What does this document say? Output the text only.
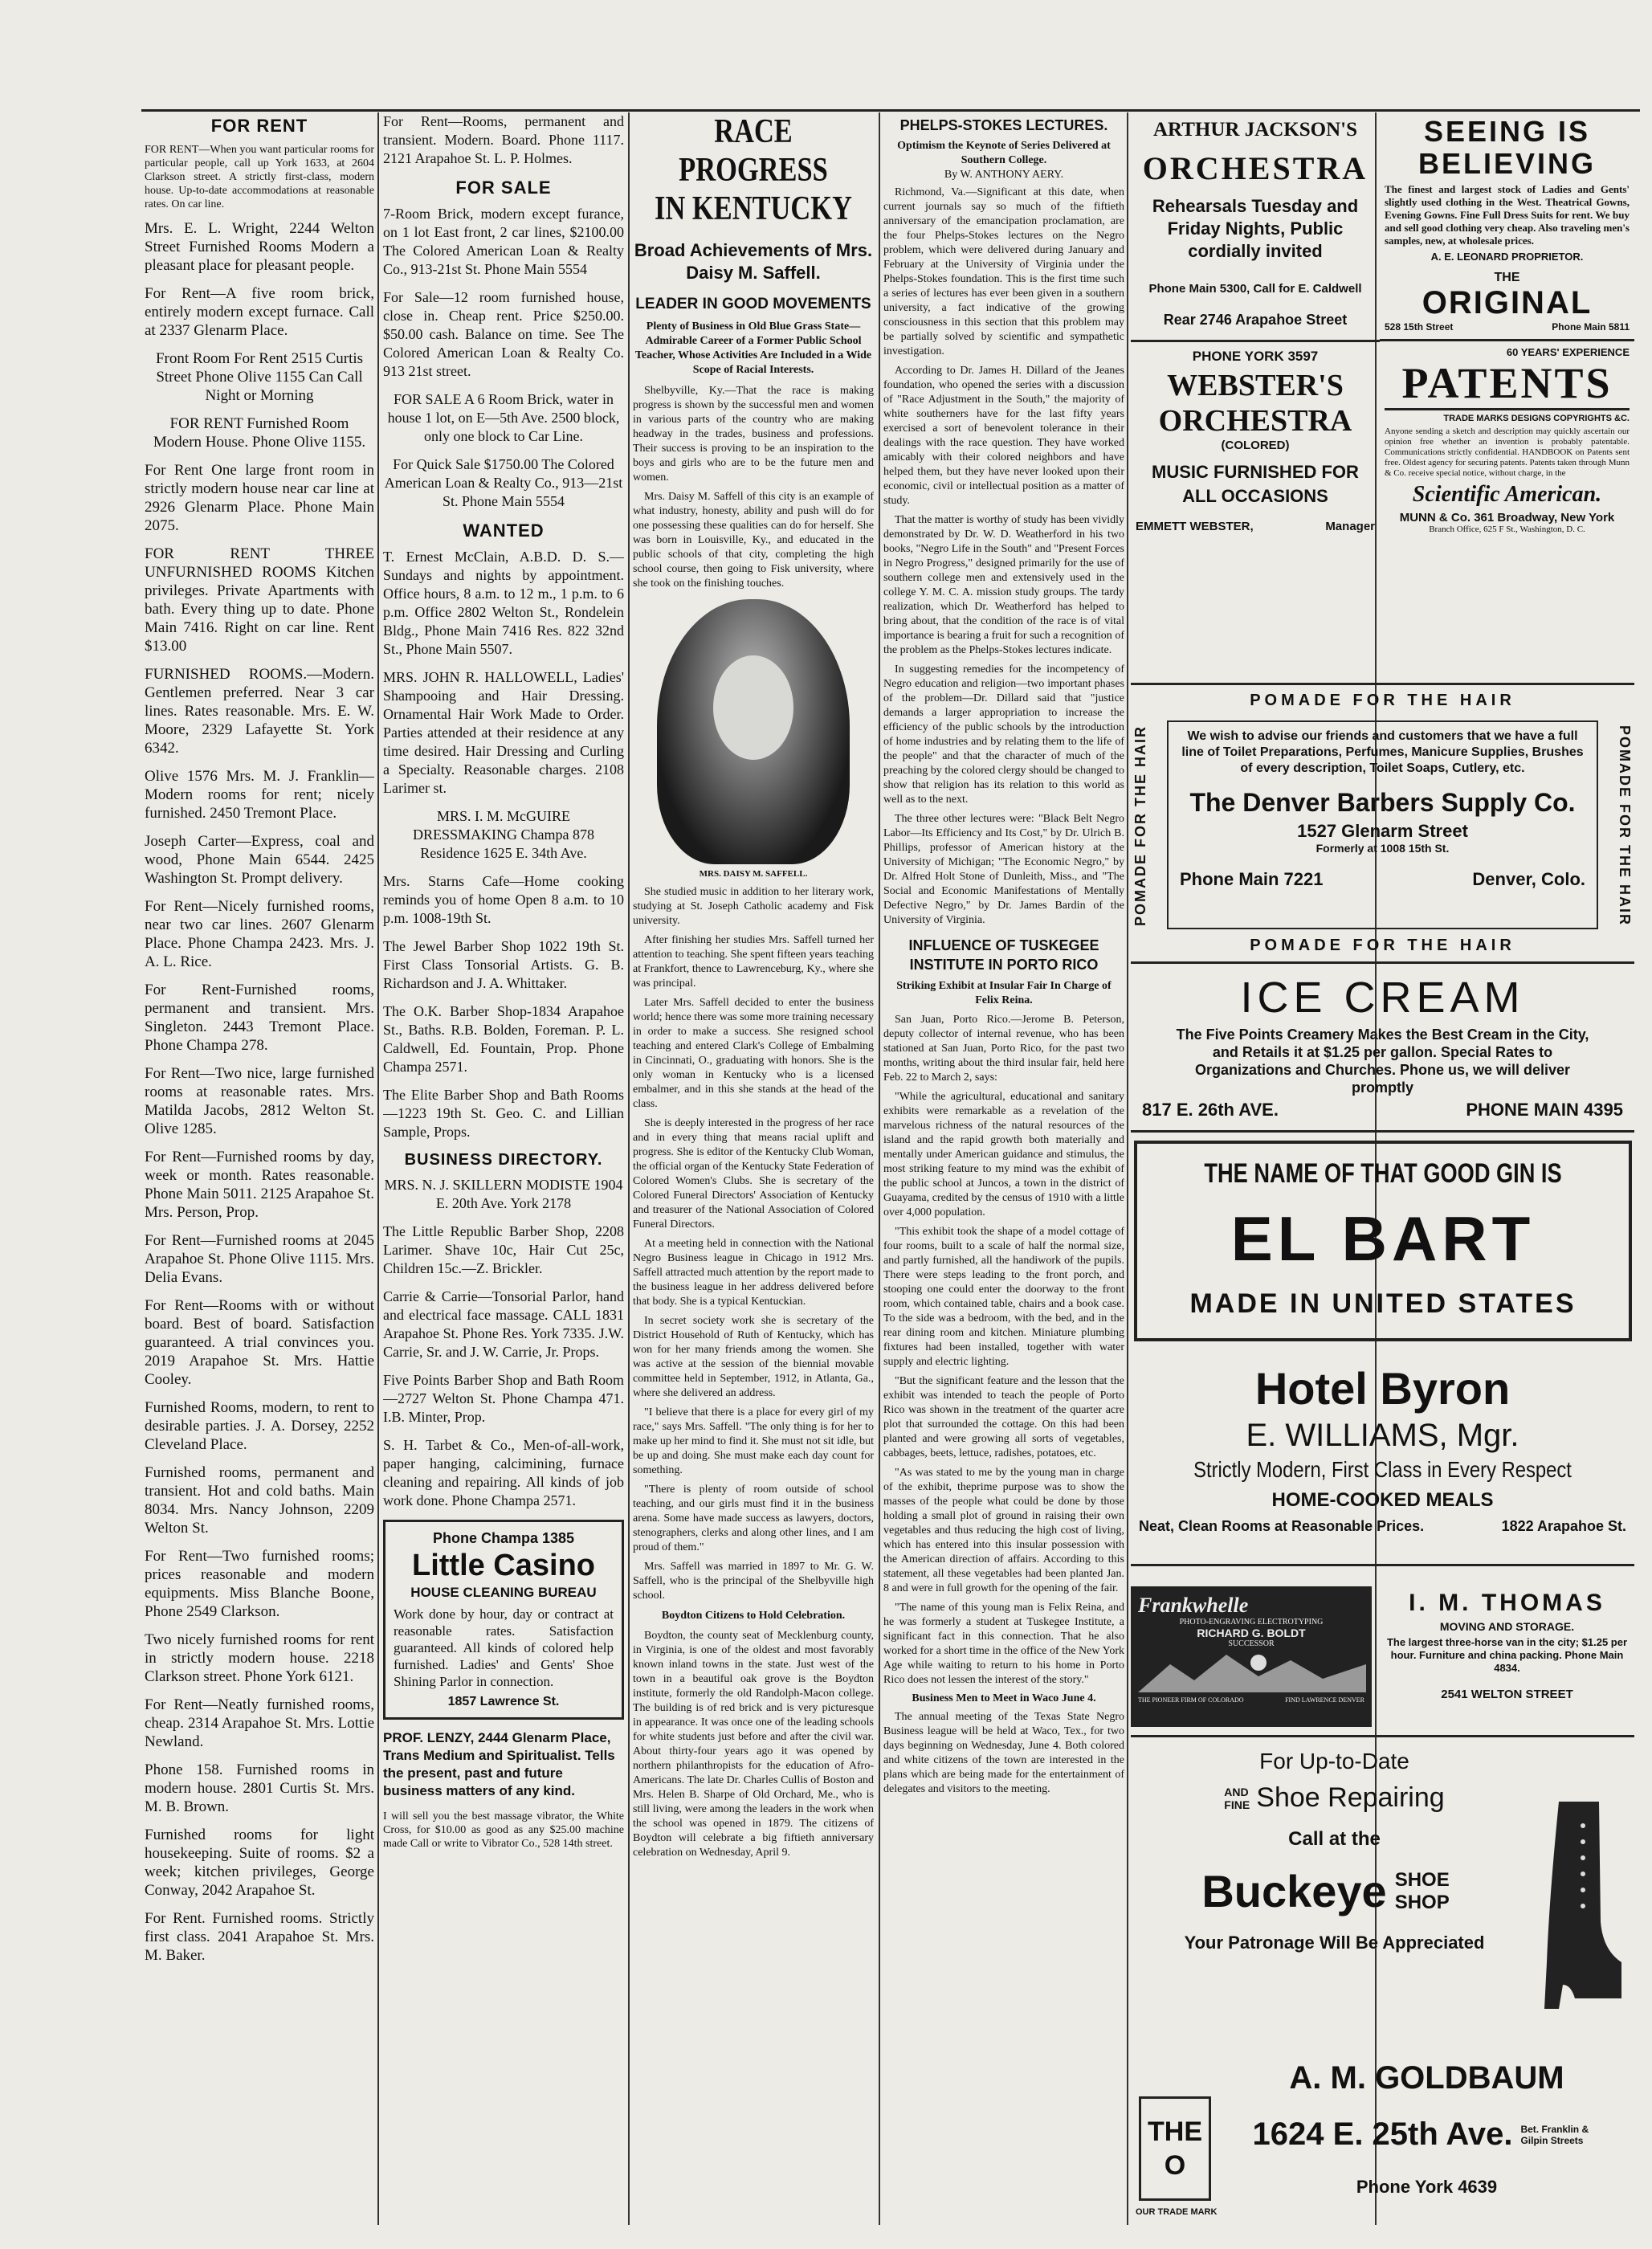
FOR RENT

FOR RENT—When you want particular rooms for particular people, call up York 1633, at 2604 Clarkson street. A strictly first-class, modern house. Up-to-date accommodations at reasonable rates. On car line.

Mrs. E. L. Wright, 2244 Welton Street Furnished Rooms Modern a pleasant place for pleasant people.

For Rent—A five room brick, entirely modern except furnace. Call at 2337 Glenarm Place.

Front Room For Rent 2515 Curtis Street Phone Olive 1155 Can Call Night or Morning

FOR RENT Furnished Room Modern House. Phone Olive 1155.

For Rent One large front room in strictly modern house near car line at 2926 Glenarm Place. Phone Main 2075.

FOR RENT THREE UNFURNISHED ROOMS Kitchen privileges. Private Apartments with bath. Every thing up to date. Phone Main 7416. Right on car line. Rent $13.00

FURNISHED ROOMS.—Modern. Gentlemen preferred. Near 3 car lines. Rates reasonable. Mrs. E. W. Moore, 2329 Lafayette St. York 6342.

Olive 1576 Mrs. M. J. Franklin—Modern rooms for rent; nicely furnished. 2450 Tremont Place.

Joseph Carter—Express, coal and wood, Phone Main 6544. 2425 Washington St. Prompt delivery.

For Rent—Nicely furnished rooms, near two car lines. 2607 Glenarm Place. Phone Champa 2423. Mrs. J. A. L. Rice.

For Rent-Furnished rooms, permanent and transient. Mrs. Singleton. 2443 Tremont Place. Phone Champa 278.

For Rent—Two nice, large furnished rooms at reasonable rates. Mrs. Matilda Jacobs, 2812 Welton St. Olive 1285.

For Rent—Furnished rooms by day, week or month. Rates reasonable. Phone Main 5011. 2125 Arapahoe St. Mrs. Person, Prop.

For Rent—Furnished rooms at 2045 Arapahoe St. Phone Olive 1115. Mrs. Delia Evans.

For Rent—Rooms with or without board. Best of board. Satisfaction guaranteed. A trial convinces you. 2019 Arapahoe St. Mrs. Hattie Cooley.

Furnished Rooms, modern, to rent to desirable parties. J. A. Dorsey, 2252 Cleveland Place.

Furnished rooms, permanent and transient. Hot and cold baths. Main 8034. Mrs. Nancy Johnson, 2209 Welton St.

For Rent—Two furnished rooms; prices reasonable and modern equipments. Miss Blanche Boone, Phone 2549 Clarkson.

Two nicely furnished rooms for rent in strictly modern house. 2218 Clarkson street. Phone York 6121.

For Rent—Neatly furnished rooms, cheap. 2314 Arapahoe St. Mrs. Lottie Newland.

Phone 158. Furnished rooms in modern house. 2801 Curtis St. Mrs. M. B. Brown.

Furnished rooms for light housekeeping. Suite of rooms. $2 a week; kitchen privileges, George Conway, 2042 Arapahoe St.

For Rent. Furnished rooms. Strictly first class. 2041 Arapahoe St. Mrs. M. Baker.

For Rent—Rooms, permanent and transient. Modern. Board. Phone 1117. 2121 Arapahoe St. L. P. Holmes.

FOR SALE

7-Room Brick, modern except furance, on 1 lot East front, 2 car lines, $2100.00 The Colored American Loan & Realty Co., 913-21st St. Phone Main 5554

For Sale—12 room furnished house, close in. Cheap rent. Price $250.00. $50.00 cash. Balance on time. See The Colored American Loan & Realty Co. 913 21st street.

FOR SALE A 6 Room Brick, water in house 1 lot, on E—5th Ave. 2500 block, only one block to Car Line.

For Quick Sale $1750.00 The Colored American Loan & Realty Co., 913—21st St. Phone Main 5554

WANTED

T. Ernest McClain, A.B.D. D. S.—Sundays and nights by appointment. Office hours, 8 a.m. to 12 m., 1 p.m. to 6 p.m. Office 2802 Welton St., Rondelein Bldg., Phone Main 7416 Res. 822 32nd St., Phone Main 5507.

MRS. JOHN R. HALLOWELL, Ladies' Shampooing and Hair Dressing. Ornamental Hair Work Made to Order. Parties attended at their residence at any time desired. Hair Dressing and Curling a Specialty. Reasonable charges. 2108 Larimer st.

MRS. I. M. McGUIRE DRESSMAKING Champa 878 Residence 1625 E. 34th Ave.

Mrs. Starns Cafe—Home cooking reminds you of home Open 8 a.m. to 10 p.m. 1008-19th St.

The Jewel Barber Shop 1022 19th St. First Class Tonsorial Artists. G. B. Richardson and J. A. Whittaker.

The O.K. Barber Shop-1834 Arapahoe St., Baths. R.B. Bolden, Foreman. P. L. Caldwell, Ed. Fountain, Prop. Phone Champa 2571.

The Elite Barber Shop and Bath Rooms—1223 19th St. Geo. C. and Lillian Sample, Props.

BUSINESS DIRECTORY.

MRS. N. J. SKILLERN MODISTE 1904 E. 20th Ave. York 2178

The Little Republic Barber Shop, 2208 Larimer. Shave 10c, Hair Cut 25c, Children 15c.—Z. Brickler.

Carrie & Carrie—Tonsorial Parlor, hand and electrical face massage. CALL 1831 Arapahoe St. Phone Res. York 7335. J.W. Carrie, Sr. and J. W. Carrie, Jr. Props.

Five Points Barber Shop and Bath Room—2727 Welton St. Phone Champa 471. I.B. Minter, Prop.

S. H. Tarbet & Co., Men-of-all-work, paper hanging, calcimining, furnace cleaning and repairing. All kinds of job work done. Phone Champa 2571.

Phone Champa 1385
Little Casino
HOUSE CLEANING BUREAU

Work done by hour, day or contract at reasonable rates. Satisfaction guaranteed. All kinds of colored help furnished. Ladies' and Gents' Shoe Shining Parlor in connection.

1857 Lawrence St.

PROF. LENZY, 2444 Glenarm Place, Trans Medium and Spiritualist. Tells the present, past and future business matters of any kind.

I will sell you the best massage vibrator, the White Cross, for $10.00 as good as any $25.00 machine made Call or write to Vibrator Co., 528 14th street.

RACE PROGRESS
IN KENTUCKY
Broad Achievements of Mrs. Daisy M. Saffell.
LEADER IN GOOD MOVEMENTS

Plenty of Business in Old Blue Grass State—Admirable Career of a Former Public School Teacher, Whose Activities Are Included in a Wide Scope of Racial Interests.

Shelbyville, Ky.—That the race is making progress is shown by the successful men and women in various parts of the country who are making headway in the trades, business and professions. Their success is proving to be an inspiration to the boys and girls who are to be the future men and women.

Mrs. Daisy M. Saffell of this city is an example of what industry, honesty, ability and push will do for one possessing these qualities can do for herself. She was born in Louisville, Ky., and educated in the public schools of that city, completing the high school course, then going to Fisk university, where she took on the finishing touches.

MRS. DAISY M. SAFFELL.

She studied music in addition to her literary work, studying at St. Joseph Catholic academy and Fisk university.

After finishing her studies Mrs. Saffell turned her attention to teaching. She spent fifteen years teaching at Frankfort, thence to Lawrenceburg, Ky., where she was principal.

Later Mrs. Saffell decided to enter the business world; hence there was some more training necessary in order to make a success. She resigned school teaching and entered Clark's College of Embalming in Cincinnati, O., graduating with honors. She is the only woman in Kentucky who is a licensed embalmer, and in this she stands at the head of the class.

She is deeply interested in the progress of her race and in every thing that means racial uplift and progress. She is editor of the Kentucky Club Woman, the official organ of the Kentucky State Federation of Colored Women's Clubs. She is secretary of the Colored Funeral Directors' Association of Kentucky and treasurer of the National Association of Colored Funeral Directors.

At a meeting held in connection with the National Negro Business league in Chicago in 1912 Mrs. Saffell attracted much attention by the report made to the business league in her address delivered before that body. She is a typical Kentuckian.

In secret society work she is secretary of the District Household of Ruth of Kentucky, which has won for her many friends among the women. She was active at the session of the biennial movable committee held in September, 1912, in Atlanta, Ga., where she delivered an address.

"I believe that there is a place for every girl of my race," says Mrs. Saffell. "The only thing is for her to make up her mind to find it. She must not sit idle, but be up and doing. She must make each day count for something.

"There is plenty of room outside of school teaching, and our girls must find it in the business arena. Some have made success as lawyers, doctors, stenographers, clerks and along other lines, and I am proud of them."

Mrs. Saffell was married in 1897 to Mr. G. W. Saffell, who is the principal of the Shelbyville high school.

Boydton Citizens to Hold Celebration.

Boydton, the county seat of Mecklenburg county, in Virginia, is one of the oldest and most favorably known inland towns in the state. Just west of the town in a beautiful oak grove is the Boydton institute, formerly the old Randolph-Macon college. The building is of red brick and is very picturesque in appearance. It was once one of the leading schools for white students just before and after the civil war. About thirty-four years ago it was opened by northern philanthropists for the education of Afro-Americans. The late Dr. Charles Cullis of Boston and Mrs. Helen B. Sharpe of Old Orchard, Me., who is still living, were among the leaders in the work when the school was opened in 1879. The citizens of Boydton will celebrate a big fiftieth anniversary celebration on Wednesday, April 9.

PHELPS-STOKES LECTURES.

Optimism the Keynote of Series Delivered at Southern College.

By W. ANTHONY AERY.

Richmond, Va.—Significant at this date, when current journals say so much of the fiftieth anniversary of the emancipation proclamation, are the four Phelps-Stokes lectures on the Negro problem, which were delivered during January and February at the University of Virginia under the Phelps-Stokes foundation. This is the first time such a series of lectures has ever been given in a southern university, a fact indicative of the growing consciousness in this section that this problem may be partially solved by scientific and sympathetic investigation.

According to Dr. James H. Dillard of the Jeanes foundation, who opened the series with a discussion of "Race Adjustment in the South," the majority of white southerners have for the last fifty years exercised a sort of benevolent tolerance in their dealings with the race question. They have worked amicably with their colored neighbors and have helped them, but they have never looked upon their economic, civil or intellectual position as a matter of study.

That the matter is worthy of study has been vividly demonstrated by Dr. W. D. Weatherford in his two books, "Negro Life in the South" and "Present Forces in Negro Progress," designed primarily for the use of southern college men and extensively used in the college Y. M. C. A. mission study groups. The tardy realization, which Dr. Weatherford has helped to bring about, that the condition of the race is of vital importance is bearing a fruit for such a recognition of the problem as the Phelps-Stokes lectures indicate.

In suggesting remedies for the incompetency of Negro education and religion—two important phases of the problem—Dr. Dillard said that "justice demands a larger appropriation to increase the efficiency of the public schools by the introduction of home industries and by relating them to the life of the people" and that the character of much of the preaching by the colored clergy should be changed to show that religion has its relation to this world as well as to the next.

The three other lectures were: "Black Belt Negro Labor—Its Efficiency and Its Cost," by Dr. Ulrich B. Phillips, professor of American history at the University of Michigan; "The Economic Negro," by Dr. Alfred Holt Stone of Dunleith, Miss., and "The Social and Economic Manifestations of Mentally Defective Negro," by Dr. James Bardin of the University of Virginia.

INFLUENCE OF TUSKEGEE INSTITUTE IN PORTO RICO

Striking Exhibit at Insular Fair In Charge of Felix Reina.

San Juan, Porto Rico.—Jerome B. Peterson, deputy collector of internal revenue, who has been stationed at San Juan, Porto Rico, for the past two months, writing about the third insular fair, held here Feb. 22 to March 2, says:

"While the agricultural, educational and sanitary exhibits were remarkable as a revelation of the marvelous richness of the natural resources of the island and the rapid growth both materially and mentally under American guidance and stimulus, the most striking feature to my mind was the exhibit of the public school at Juncos, a town in the district of Guayama, credited by the census of 1910 with a little over 4,000 population.

"This exhibit took the shape of a model cottage of four rooms, built to a scale of half the normal size, and partly furnished, all the handiwork of the pupils. There were steps leading to the front porch, and stooping one could enter the doorway to the front room, which contained table, chairs and a book case. To the side was a bedroom, with the bed, and in the rear dining room and kitchen. Miniature plumbing fixtures had been installed, together with water supply and electric lighting.

"But the significant feature and the lesson that the exhibit was intended to teach the people of Porto Rico was shown in the treatment of the quarter acre plot that surrounded the cottage. On this had been planted and were growing all sorts of vegetables, cabbages, beets, lettuce, radishes, potatoes, etc.

"As was stated to me by the young man in charge of the exhibit, theprime purpose was to show the masses of the people what could be done by those holding a small plot of ground in raising their own vegetables and thus reducing the high cost of living, which has entered into this insular possession with the American direction of affairs. According to this statement, all these vegetables had been planted Jan. 8 and were in full growth for the opening of the fair.

"The name of this young man is Felix Reina, and he was formerly a student at Tuskegee Institute, a significant fact in this connection. That he also worked for a short time in the office of the New York Age while waiting to return to his home in Porto Rico does not lessen the interest of the story."

Business Men to Meet in Waco June 4.

The annual meeting of the Texas State Negro Business league will be held at Waco, Tex., for two days beginning on Wednesday, June 4. Both colored and white citizens of the town are interested in the plans which are being made for the entertainment of delegates and visitors to the meeting.

ARTHUR JACKSON'S
ORCHESTRA
Rehearsals Tuesday and Friday Nights, Public cordially invited
Phone Main 5300, Call for E. Caldwell
Rear 2746 Arapahoe Street
PHONE YORK 3597
WEBSTER'S
ORCHESTRA
(COLORED)
MUSIC FURNISHED FOR ALL OCCASIONS
EMMETT WEBSTER,	Manager
SEEING IS
BELIEVING

The finest and largest stock of Ladies and Gents' slightly used clothing in the West. Theatrical Gowns, Evening Gowns. Fine Full Dress Suits for rent. We buy and sell good clothing very cheap. Also traveling men's samples, new, at wholesale prices.

A. E. LEONARD PROPRIETOR.
THE
ORIGINAL
528 15th Street	Phone Main 5811
60 YEARS' EXPERIENCE
PATENTS
TRADE MARKS DESIGNS COPYRIGHTS &C.

Anyone sending a sketch and description may quickly ascertain our opinion free whether an invention is probably patentable. Communications strictly confidential. HANDBOOK on Patents sent free. Oldest agency for securing patents. Patents taken through Munn & Co. receive special notice, without charge, in the

Scientific American.
MUNN & Co. 361 Broadway, New York
Branch Office, 625 F St., Washington, D. C.
POMADE FOR THE HAIR
POMADE FOR THE HAIR	POMADE FOR THE HAIR

We wish to advise our friends and customers that we have a full line of Toilet Preparations, Perfumes, Manicure Supplies, Brushes of every description, Toilet Soaps, Cutlery, etc.

The Denver Barbers Supply Co.
1527 Glenarm Street
Formerly at 1008 15th St.
Phone Main 7221	Denver, Colo.
POMADE FOR THE HAIR
ICE CREAM

The Five Points Creamery Makes the Best Cream in the City, and Retails it at $1.25 per gallon. Special Rates to Organizations and Churches. Phone us, we will deliver promptly

817 E. 26th AVE.	PHONE MAIN 4395
THE NAME OF THAT GOOD GIN IS
EL BART
MADE IN UNITED STATES
Hotel Byron
E. WILLIAMS, Mgr.
Strictly Modern, First Class in Every Respect
HOME-COOKED MEALS
Neat, Clean Rooms at Reasonable Prices.	1822 Arapahoe St.
Frankwhelle
PHOTO-ENGRAVING ELECTROTYPING
RICHARD G. BOLDT
SUCCESSOR
THE PIONEER FIRM OF COLORADO	FIND LAWRENCE DENVER
I. M. THOMAS
MOVING AND STORAGE.

The largest three-horse van in the city; $1.25 per hour. Furniture and china packing. Phone Main 4834.

2541 WELTON STREET
For Up-to-Date
AND FINE Shoe Repairing
Call at the
Buckeye SHOE SHOP
Your Patronage Will Be Appreciated
THE O
OUR TRADE MARK
A. M. GOLDBAUM
1624 E. 25th Ave. Bet. Franklin & Gilpin Streets
Phone York 4639
